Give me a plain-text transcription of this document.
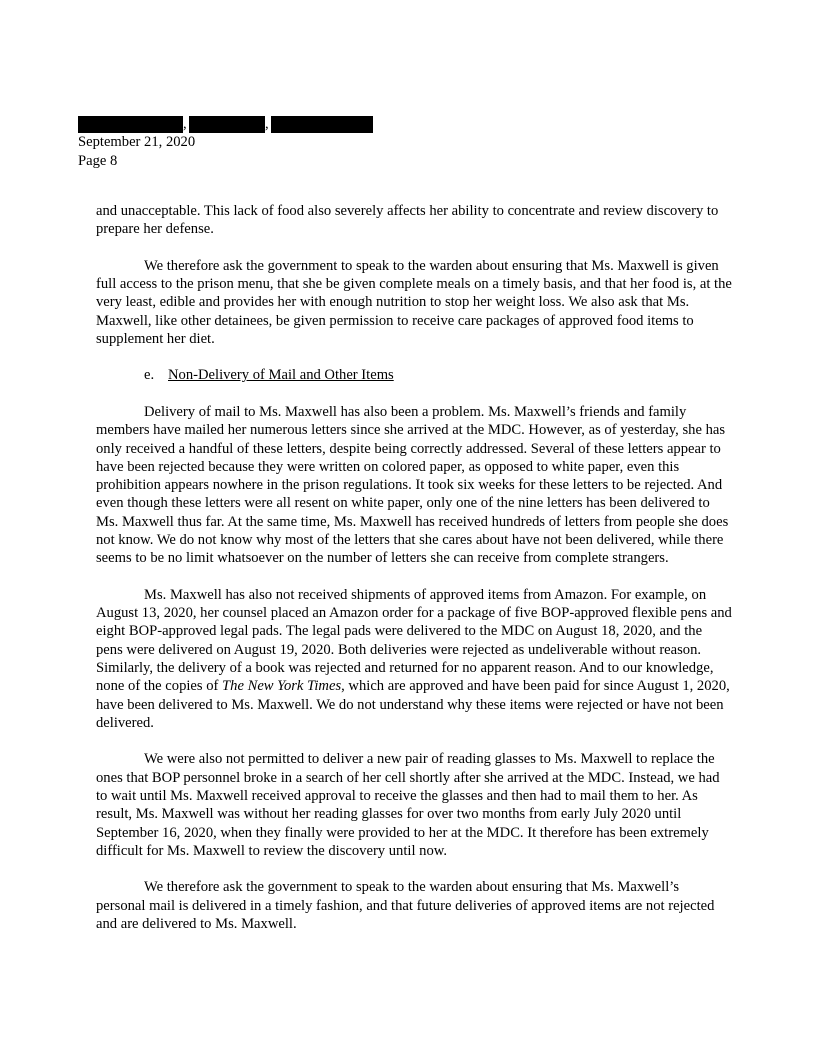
,	,
September 21, 2020
Page 8

and unacceptable. This lack of food also severely affects her ability to concentrate and review discovery to prepare her defense.

We therefore ask the government to speak to the warden about ensuring that Ms. Maxwell is given full access to the prison menu, that she be given complete meals on a timely basis, and that her food is, at the very least, edible and provides her with enough nutrition to stop her weight loss. We also ask that Ms. Maxwell, like other detainees, be given permission to receive care packages of approved food items to supplement her diet.

e. Non-Delivery of Mail and Other Items

Delivery of mail to Ms. Maxwell has also been a problem. Ms. Maxwell’s friends and family members have mailed her numerous letters since she arrived at the MDC. However, as of yesterday, she has only received a handful of these letters, despite being correctly addressed. Several of these letters appear to have been rejected because they were written on colored paper, as opposed to white paper, even this prohibition appears nowhere in the prison regulations. It took six weeks for these letters to be rejected. And even though these letters were all resent on white paper, only one of the nine letters has been delivered to Ms. Maxwell thus far. At the same time, Ms. Maxwell has received hundreds of letters from people she does not know. We do not know why most of the letters that she cares about have not been delivered, while there seems to be no limit whatsoever on the number of letters she can receive from complete strangers.

Ms. Maxwell has also not received shipments of approved items from Amazon. For example, on August 13, 2020, her counsel placed an Amazon order for a package of five BOP-approved flexible pens and eight BOP-approved legal pads. The legal pads were delivered to the MDC on August 18, 2020, and the pens were delivered on August 19, 2020. Both deliveries were rejected as undeliverable without reason. Similarly, the delivery of a book was rejected and returned for no apparent reason. And to our knowledge, none of the copies of The New York Times, which are approved and have been paid for since August 1, 2020, have been delivered to Ms. Maxwell. We do not understand why these items were rejected or have not been delivered.

We were also not permitted to deliver a new pair of reading glasses to Ms. Maxwell to replace the ones that BOP personnel broke in a search of her cell shortly after she arrived at the MDC. Instead, we had to wait until Ms. Maxwell received approval to receive the glasses and then had to mail them to her. As result, Ms. Maxwell was without her reading glasses for over two months from early July 2020 until September 16, 2020, when they finally were provided to her at the MDC. It therefore has been extremely difficult for Ms. Maxwell to review the discovery until now.

We therefore ask the government to speak to the warden about ensuring that Ms. Maxwell’s personal mail is delivered in a timely fashion, and that future deliveries of approved items are not rejected and are delivered to Ms. Maxwell.
